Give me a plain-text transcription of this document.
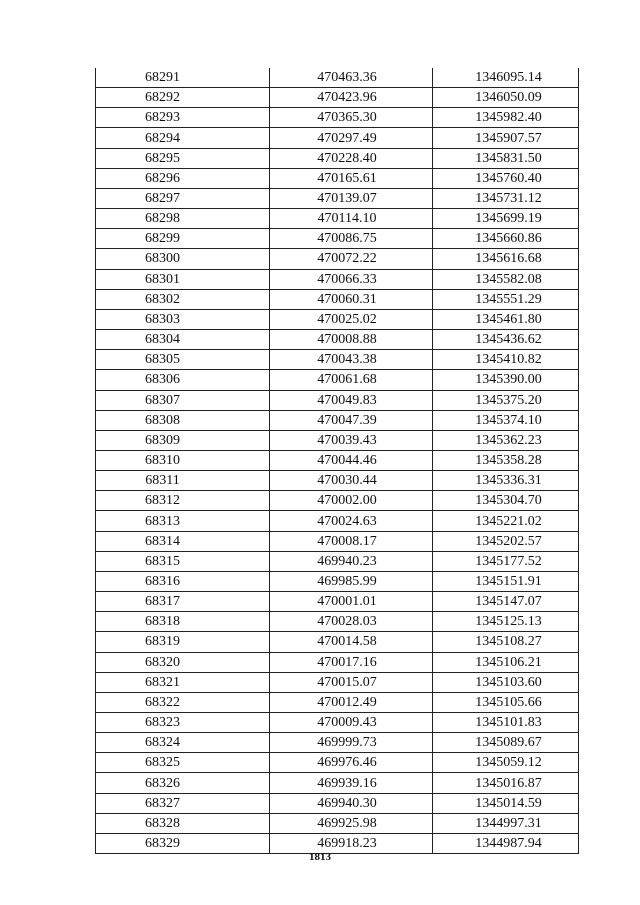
68291	470463.36	1346095.14
68292	470423.96	1346050.09
68293	470365.30	1345982.40
68294	470297.49	1345907.57
68295	470228.40	1345831.50
68296	470165.61	1345760.40
68297	470139.07	1345731.12
68298	470114.10	1345699.19
68299	470086.75	1345660.86
68300	470072.22	1345616.68
68301	470066.33	1345582.08
68302	470060.31	1345551.29
68303	470025.02	1345461.80
68304	470008.88	1345436.62
68305	470043.38	1345410.82
68306	470061.68	1345390.00
68307	470049.83	1345375.20
68308	470047.39	1345374.10
68309	470039.43	1345362.23
68310	470044.46	1345358.28
68311	470030.44	1345336.31
68312	470002.00	1345304.70
68313	470024.63	1345221.02
68314	470008.17	1345202.57
68315	469940.23	1345177.52
68316	469985.99	1345151.91
68317	470001.01	1345147.07
68318	470028.03	1345125.13
68319	470014.58	1345108.27
68320	470017.16	1345106.21
68321	470015.07	1345103.60
68322	470012.49	1345105.66
68323	470009.43	1345101.83
68324	469999.73	1345089.67
68325	469976.46	1345059.12
68326	469939.16	1345016.87
68327	469940.30	1345014.59
68328	469925.98	1344997.31
68329	469918.23	1344987.94
1813
